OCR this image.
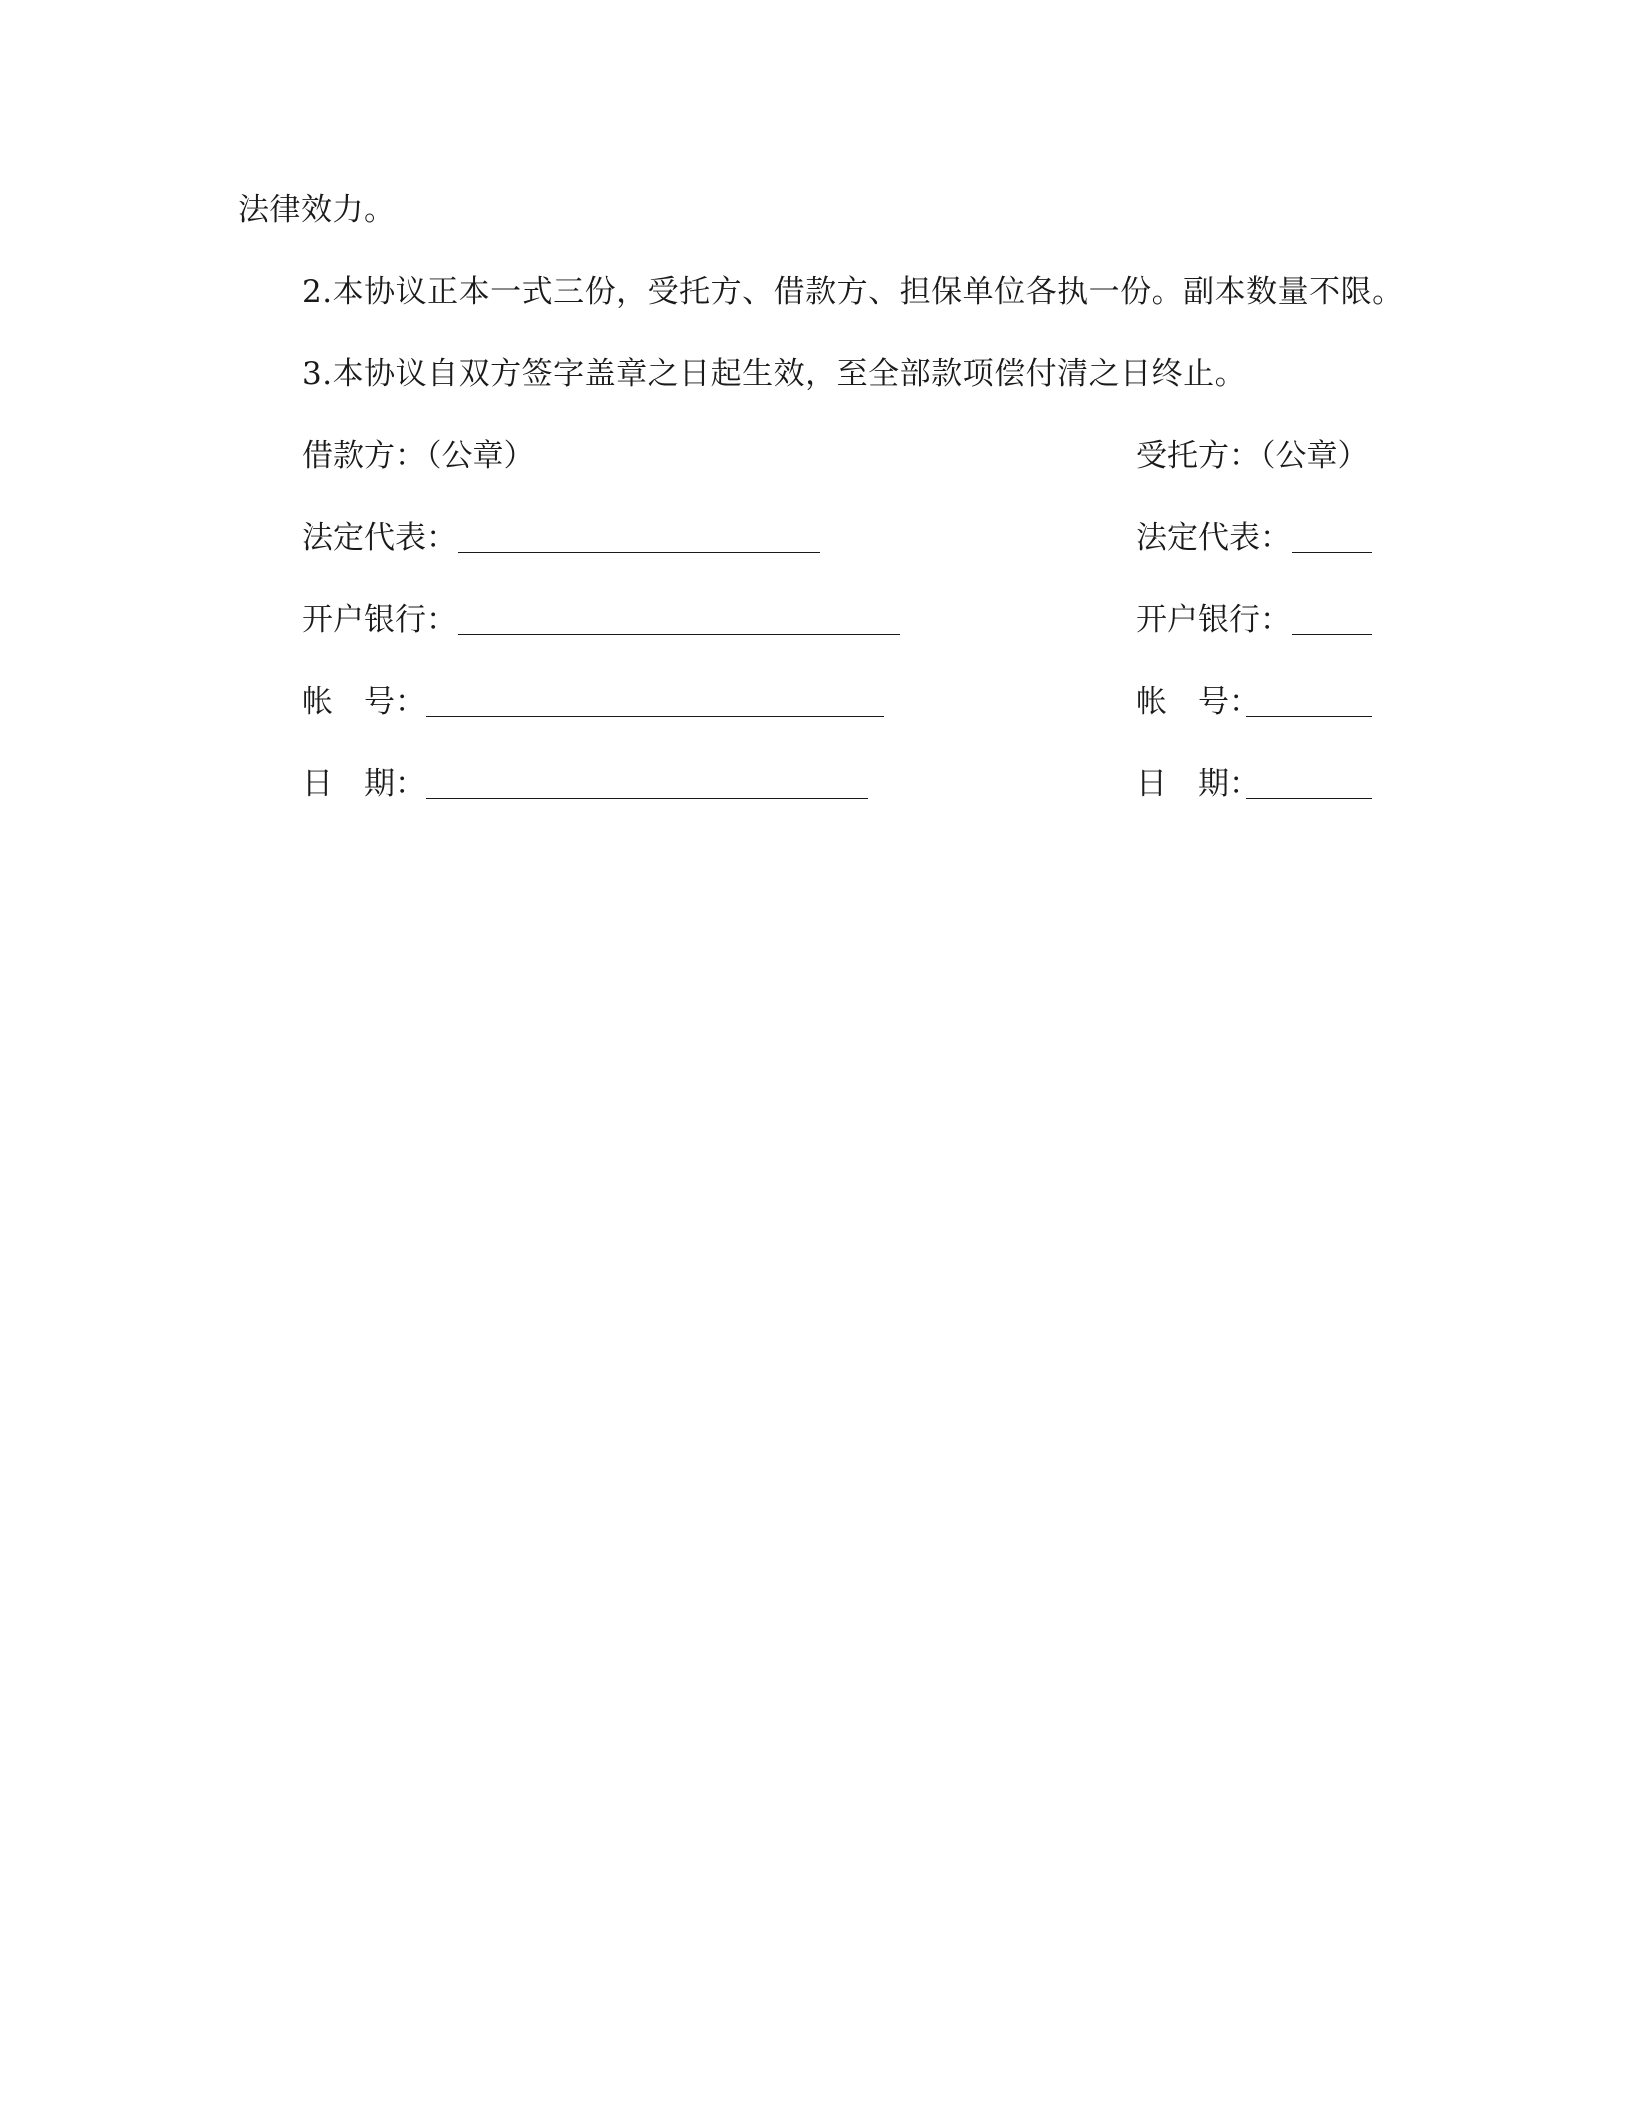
法律效力。
2.本协议正本一式三份，受托方、借款方、担保单位各执一份。副本数量不限。
3.本协议自双方签字盖章之日起生效，至全部款项偿付清之日终止。
借款方：（公章）	受托方：（公章）
法定代表：	法定代表：
开户银行：	开户银行：
帐　号：	帐　号：
日　期：	日　期：
